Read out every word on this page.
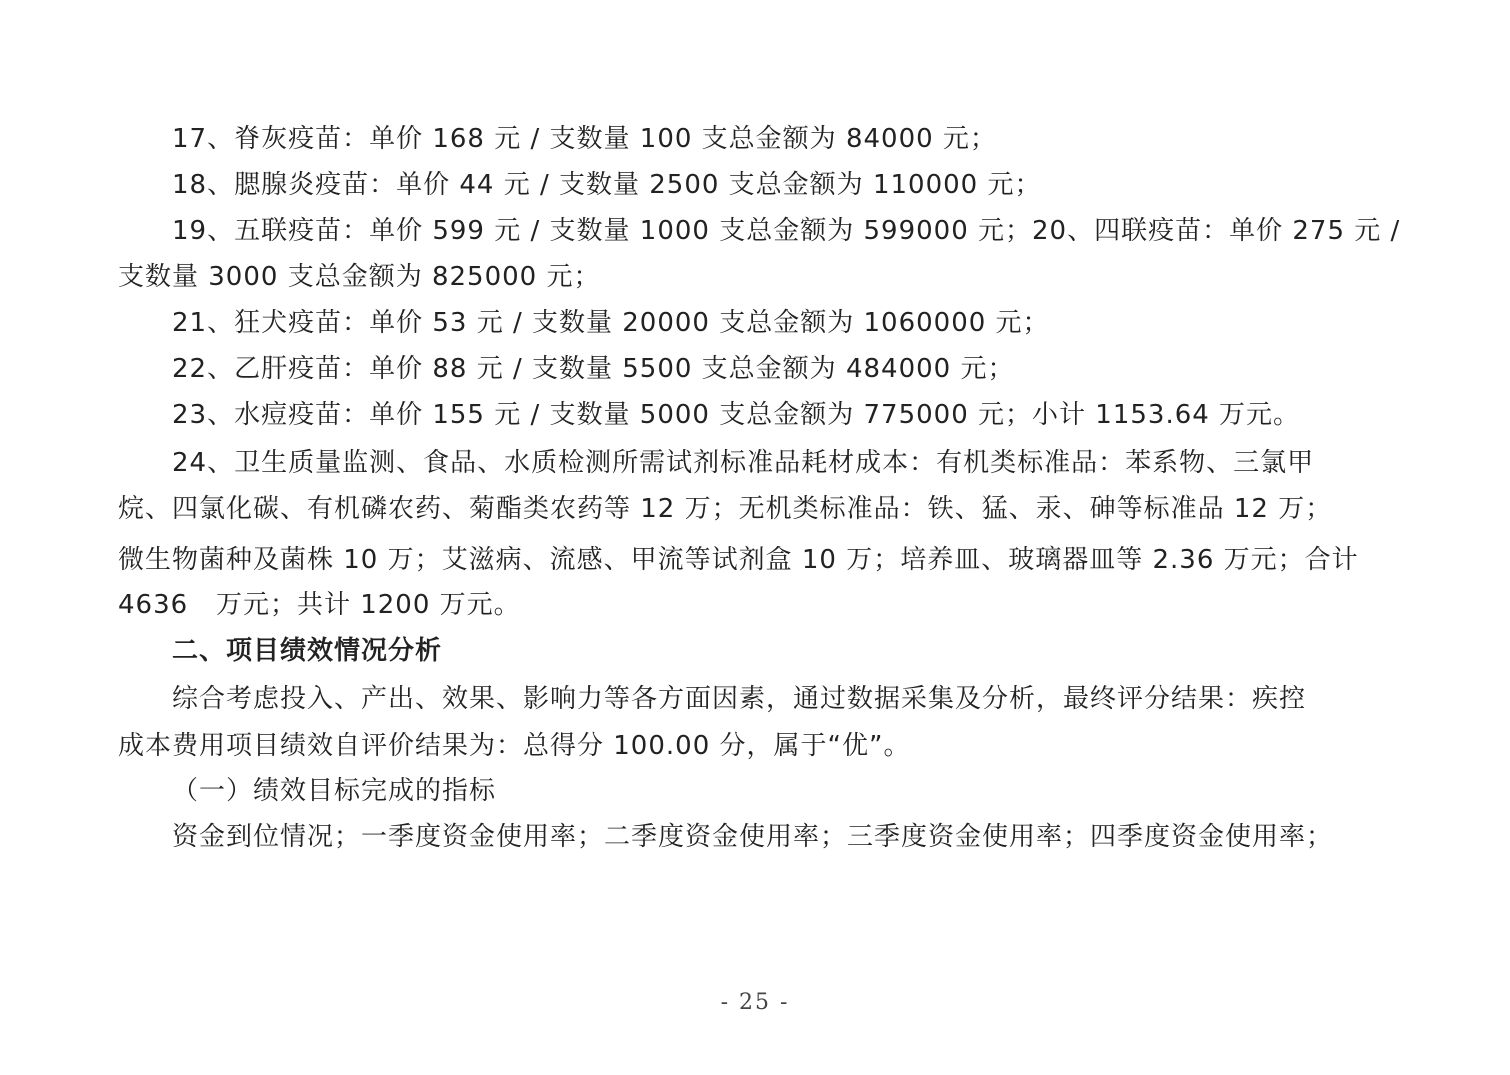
17、脊灰疫苗：单价 168 元 / 支数量 100 支总金额为 84000 元；
18、腮腺炎疫苗：单价 44 元 / 支数量 2500 支总金额为 110000 元；
19、五联疫苗：单价 599 元 / 支数量 1000 支总金额为 599000 元；20、四联疫苗：单价 275 元 /
支数量 3000 支总金额为 825000 元；
21、狂犬疫苗：单价 53 元 / 支数量 20000 支总金额为 1060000 元；
22、乙肝疫苗：单价 88 元 / 支数量 5500 支总金额为 484000 元；
23、水痘疫苗：单价 155 元 / 支数量 5000 支总金额为 775000 元；小计 1153.64 万元。
24、卫生质量监测、食品、水质检测所需试剂标准品耗材成本：有机类标准品：苯系物、三氯甲
烷、四氯化碳、有机磷农药、菊酯类农药等 12 万；无机类标准品：铁、猛、汞、砷等标准品 12 万；
微生物菌种及菌株 10 万；艾滋病、流感、甲流等试剂盒 10 万；培养皿、玻璃器皿等 2.36 万元；合计
4636   万元；共计 1200 万元。
二、项目绩效情况分析
综合考虑投入、产出、效果、影响力等各方面因素，通过数据采集及分析，最终评分结果：疾控
成本费用项目绩效自评价结果为：总得分 100.00 分，属于“优”。
（一）绩效目标完成的指标
资金到位情况；一季度资金使用率；二季度资金使用率；三季度资金使用率；四季度资金使用率；
- 25 -
